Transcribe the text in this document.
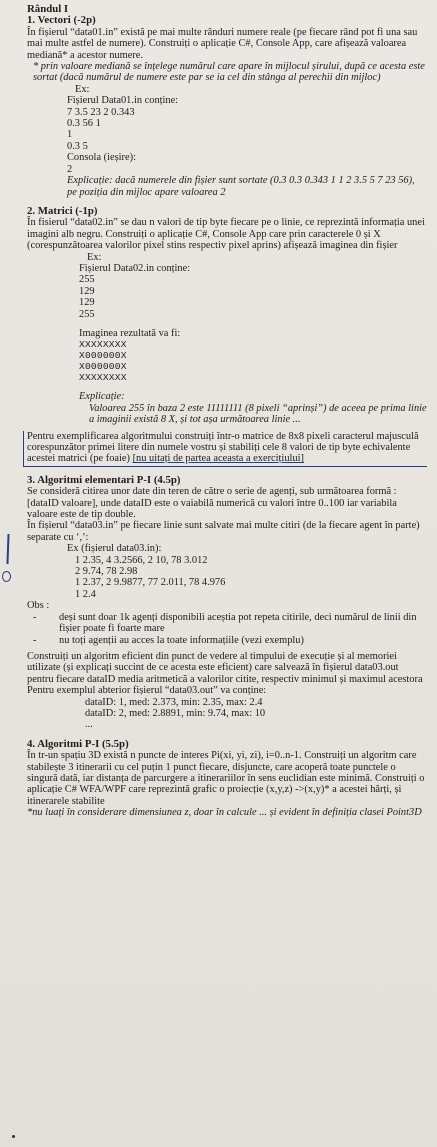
Rândul I

1. Vectori (-2p)

În fișierul “data01.in” există pe mai multe rânduri numere reale (pe fiecare rând pot fi una sau mai multe astfel de numere). Construiți o aplicație C#, Console App, care afișează valoarea mediană* a acestor numere.

* prin valoare mediană se înțelege numărul care apare în mijlocul șirului, după ce acesta este sortat (dacă numărul de numere este par se ia cel din stânga al perechii din mijloc)

Ex:

Fișierul Data01.in conține:

7 3.5 23 2 0.343

0.3 56 1

1

0.3 5

Consola (ieșire):

2

Explicație: dacă numerele din fișier sunt sortate (0.3 0.3 0.343 1 1 2 3.5 5 7 23 56), pe poziția din mijloc apare valoarea 2

2. Matrici (-1p)

În fisierul “data02.in” se dau n valori de tip byte fiecare pe o linie, ce reprezintă informația unei imagini alb negru. Construiți o aplicație C#, Console App care prin caracterele 0 și X (corespunzătoarea valorilor pixel stins respectiv pixel aprins) afișează imaginea din fișier

Ex:

Fișierul Data02.in conține:

255

129

129

255

Imaginea rezultată va fi:

XXXXXXXX

X000000X

X000000X

XXXXXXXX

Explicație:

Valoarea 255 în baza 2 este 11111111 (8 pixeli “aprinși”) de aceea pe prima linie a imaginii există 8 X, și tot așa următoarea linie ...

Pentru exemplificarea algoritmului construiți într-o matrice de 8x8 pixeli caracterul majusculă corespunzător primei litere din numele vostru și stabiliți cele 8 valori de tip byte echivalente acestei matrici (pe foaie) [nu uitați de partea aceasta a exercițiului]

3. Algoritmi elementari P-I (4.5p)

Se consideră citirea unor date din teren de către o serie de agenți, sub următoarea formă :

[dataID valoare], unde dataID este o vaiabilă numerică cu valori între 0..100 iar variabila valoare este de tip double.

În fișierul “data03.in” pe fiecare linie sunt salvate mai multe citiri (de la fiecare agent în parte) separate cu ‘,’:

Ex (fișierul data03.in):

1 2.35, 4 3.2566, 2 10, 78 3.012

2 9.74, 78 2.98

1 2.37, 2 9.9877, 77 2.011, 78 4.976

1 2.4

Obs :
-	deși sunt doar 1k agenți disponibili aceștia pot repeta citirile, deci numărul de linii din fișier poate fi foarte mare

-	nu toți agenții au acces la toate informațiile (vezi exemplu)

Construiți un algoritm eficient din punct de vedere al timpului de execuție și al memoriei utilizate (și explicați succint de ce acesta este eficient) care salvează în fișierul data03.out pentru fiecare dataID media aritmetică a valorilor citite, respectiv minimul și maximul acestora

Pentru exemplul abterior fișierul “data03.out” va conține:

dataID: 1, med: 2.373, min: 2.35, max: 2.4

dataID: 2, med: 2.8891, min: 9.74, max: 10

...

4. Algoritmi P-I (5.5p)

În tr-un spațiu 3D există n puncte de interes Pi(xi, yi, zi), i=0..n-1. Construiți un algoritm care stabilește 3 itinerarii cu cel puțin 1 punct fiecare, disjuncte, care acoperă toate punctele o singură dată, iar distanța de parcurgere a itinerariilor în sens euclidian este minimă. Construiți o aplicație C# WFA/WPF care reprezintă grafic o proiecție (x,y,z) ->(x,y)* a acestei hărți, și itinerarele stabilite

*nu luați în considerare dimensiunea z, doar în calcule ... și evident în definiția clasei Point3D
